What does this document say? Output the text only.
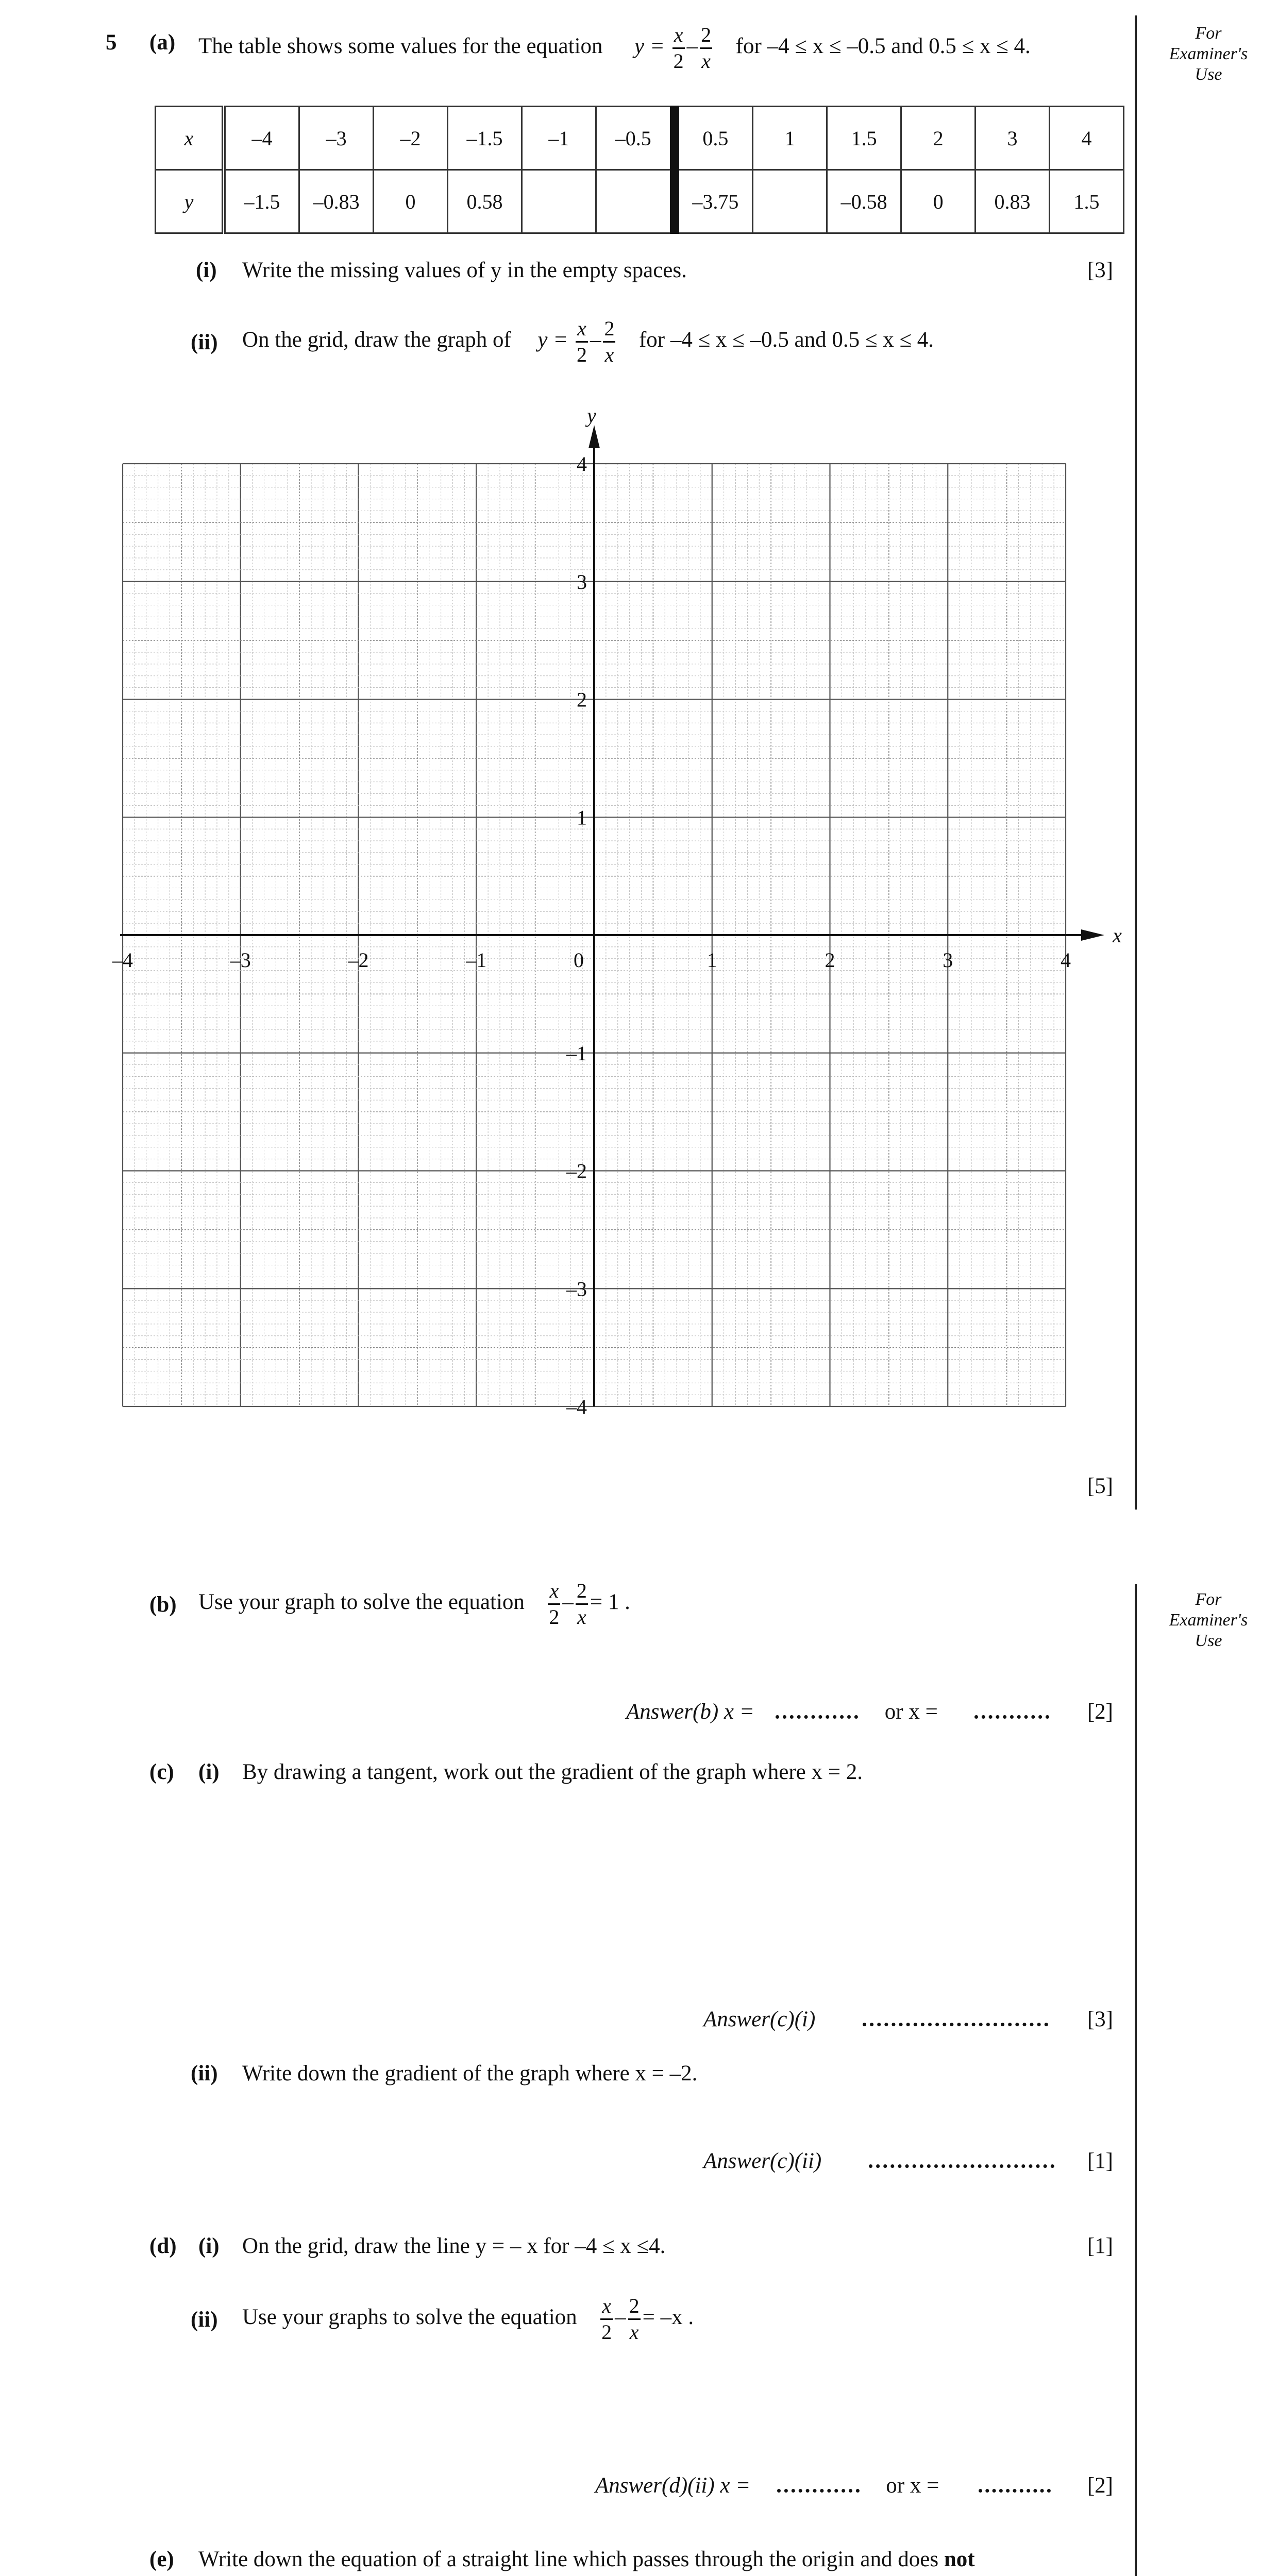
For
Examiner's
Use
For
Examiner's
Use
5 (a) The table shows some values for the equation $y = \frac{x}{2} - \frac{2}{x}$ for –4 ≤ x ≤ –0.5 and 0.5 ≤ x ≤ 4.
x	–4	–3	–2	–1.5	–1	–0.5	0.5	1	1.5	2	3	4
y	–1.5	–0.83	0	0.58			–3.75		–0.58	0	0.83	1.5
(i) Write the missing values of y in the empty spaces.	[3]
(ii) On the grid, draw the graph of $y = \frac{x}{2} - \frac{2}{x}$ for –4 ≤ x ≤ –0.5 and 0.5 ≤ x ≤ 4.
y
x
–4	–3	–2	–1	0	1	2	3	4
4
3
2
1
–1
–2
–3
–4
[5]
(b) Use your graph to solve the equation $\frac{x}{2} - \frac{2}{x} = 1$ .
Answer(b) x =	or x =	[2]
(c) (i) By drawing a tangent, work out the gradient of the graph where x = 2.
Answer(c)(i)	[3]
(ii) Write down the gradient of the graph where x = –2.
Answer(c)(ii)	[1]
(d) (i) On the grid, draw the line y = – x for –4 ≤ x ≤4.	[1]
(ii) Use your graphs to solve the equation $\frac{x}{2} - \frac{2}{x} = -x$ .
Answer(d)(ii) x =	or x =	[2]
(e) Write down the equation of a straight line which passes through the origin and does not
